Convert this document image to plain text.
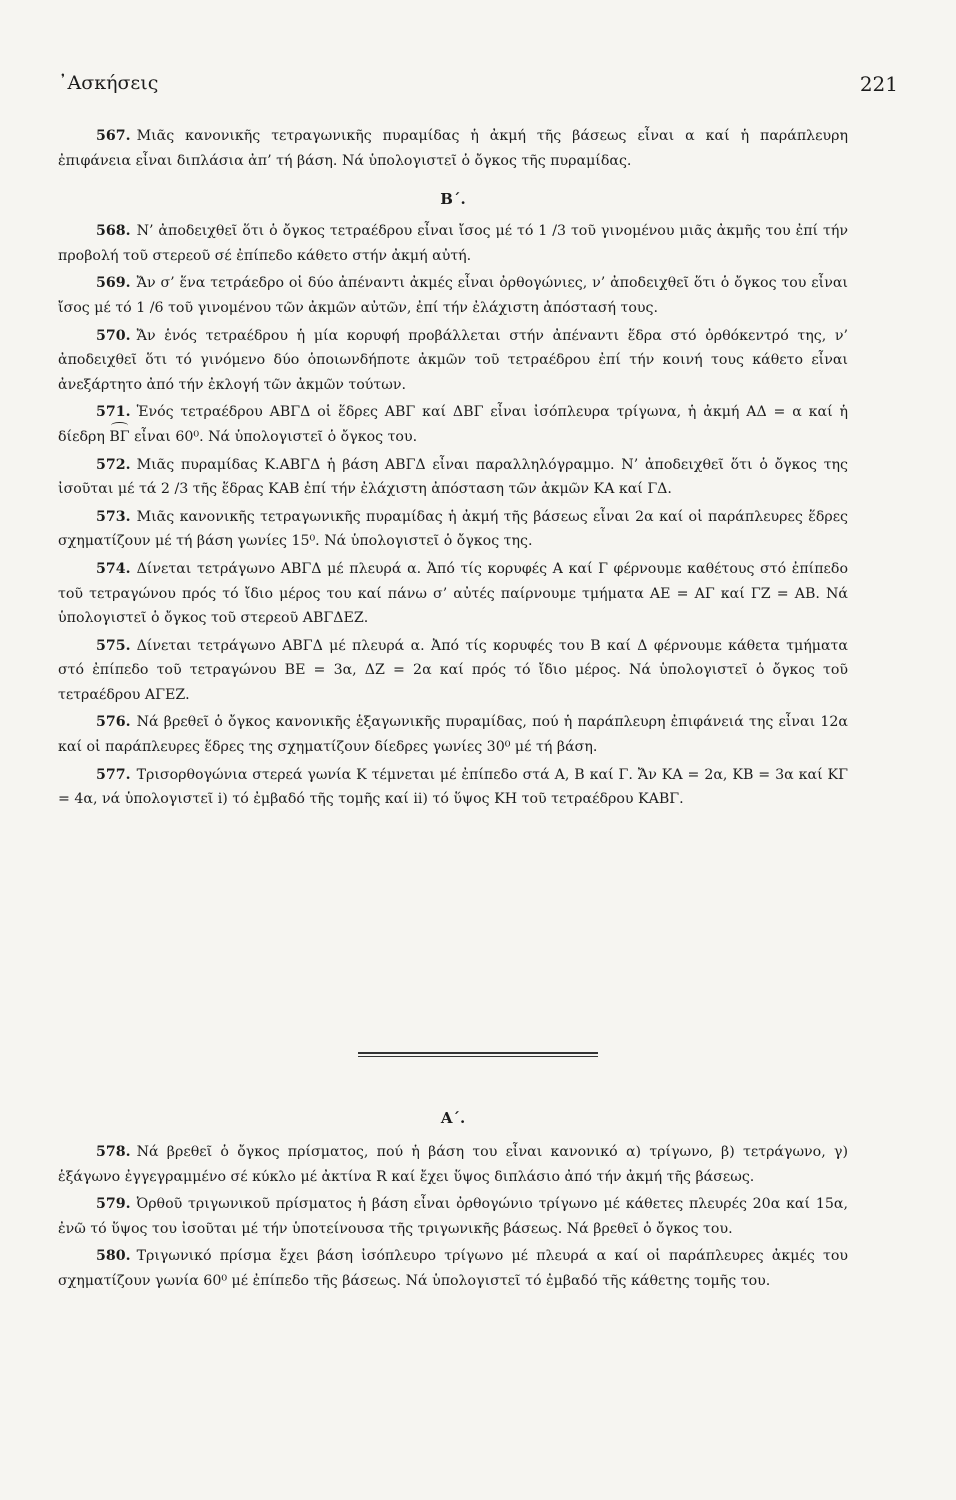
᾿Ασκήσεις	221

567. Μιᾶς κανονικῆς τετραγωνικῆς πυραμίδας ἡ ἀκμή τῆς βάσεως εἶναι α καί ἡ παράπλευρη ἐπιφάνεια εἶναι διπλάσια ἀπ’ τή βάση. Νά ὑπολογιστεῖ ὁ ὄγκος τῆς πυραμίδας.

Β΄.

568. Ν’ ἀποδειχθεῖ ὅτι ὁ ὄγκος τετραέδρου εἶναι ἴσος μέ τό 1 /3 τοῦ γινομένου μιᾶς ἀκμῆς του ἐπί τήν προβολή τοῦ στερεοῦ σέ ἐπίπεδο κάθετο στήν ἀκμή αὐτή.

569. Ἄν σ’ ἕνα τετράεδρο οἱ δύο ἀπέναντι ἀκμές εἶναι ὀρθογώνιες, ν’ ἀποδειχθεῖ ὅτι ὁ ὄγκος του εἶναι ἴσος μέ τό 1 /6 τοῦ γινομένου τῶν ἀκμῶν αὐτῶν, ἐπί τήν ἐλάχιστη ἀπόστασή τους.

570. Ἄν ἑνός τετραέδρου ἡ μία κορυφή προβάλλεται στήν ἀπέναντι ἕδρα στό ὀρθόκεντρό της, ν’ ἀποδειχθεῖ ὅτι τό γινόμενο δύο ὁποιωνδήποτε ἀκμῶν τοῦ τετραέδρου ἐπί τήν κοινή τους κάθετο εἶναι ἀνεξάρτητο ἀπό τήν ἐκλογή τῶν ἀκμῶν τούτων.

571. Ἑνός τετραέδρου ΑΒΓΔ οἱ ἕδρες ΑΒΓ καί ΔΒΓ εἶναι ἰσόπλευρα τρίγωνα, ἡ ἀκμή ΑΔ = α καί ἡ δίεδρη ΒΓ εἶναι 60⁰. Νά ὑπολογιστεῖ ὁ ὄγκος του.

572. Μιᾶς πυραμίδας Κ.ΑΒΓΔ ἡ βάση ΑΒΓΔ εἶναι παραλληλόγραμμο. Ν’ ἀποδειχθεῖ ὅτι ὁ ὄγκος της ἰσοῦται μέ τά 2 /3 τῆς ἕδρας ΚΑΒ ἐπί τήν ἐλάχιστη ἀπόσταση τῶν ἀκμῶν ΚΑ καί ΓΔ.

573. Μιᾶς κανονικῆς τετραγωνικῆς πυραμίδας ἡ ἀκμή τῆς βάσεως εἶναι 2α καί οἱ παράπλευρες ἕδρες σχηματίζουν μέ τή βάση γωνίες 15⁰. Νά ὑπολογιστεῖ ὁ ὄγκος της.

574. Δίνεται τετράγωνο ΑΒΓΔ μέ πλευρά α. Ἀπό τίς κορυφές Α καί Γ φέρνουμε καθέτους στό ἐπίπεδο τοῦ τετραγώνου πρός τό ἴδιο μέρος του καί πάνω σ’ αὐτές παίρνουμε τμήματα ΑΕ = ΑΓ καί ΓΖ = ΑΒ. Νά ὑπολογιστεῖ ὁ ὄγκος τοῦ στερεοῦ ΑΒΓΔΕΖ.

575. Δίνεται τετράγωνο ΑΒΓΔ μέ πλευρά α. Ἀπό τίς κορυφές του Β καί Δ φέρνουμε κάθετα τμήματα στό ἐπίπεδο τοῦ τετραγώνου ΒΕ = 3α, ΔΖ = 2α καί πρός τό ἴδιο μέρος. Νά ὑπολογιστεῖ ὁ ὄγκος τοῦ τετραέδρου ΑΓΕΖ.

576. Νά βρεθεῖ ὁ ὄγκος κανονικῆς ἑξαγωνικῆς πυραμίδας, πού ἡ παράπλευρη ἐπιφάνειά της εἶναι 12α καί οἱ παράπλευρες ἕδρες της σχηματίζουν δίεδρες γωνίες 30⁰ μέ τή βάση.

577. Τρισορθογώνια στερεά γωνία Κ τέμνεται μέ ἐπίπεδο στά Α, Β καί Γ. Ἄν ΚΑ = 2α, ΚΒ = 3α καί ΚΓ = 4α, νά ὑπολογιστεῖ i) τό ἐμβαδό τῆς τομῆς καί ii) τό ὕψος ΚΗ τοῦ τετραέδρου ΚΑΒΓ.

Α΄.

578. Νά βρεθεῖ ὁ ὄγκος πρίσματος, πού ἡ βάση του εἶναι κανονικό α) τρίγωνο, β) τετράγωνο, γ) ἑξάγωνο ἐγγεγραμμένο σέ κύκλο μέ ἀκτίνα R καί ἔχει ὕψος διπλάσιο ἀπό τήν ἀκμή τῆς βάσεως.

579. Ὀρθοῦ τριγωνικοῦ πρίσματος ἡ βάση εἶναι ὀρθογώνιο τρίγωνο μέ κάθετες πλευρές 20α καί 15α, ἐνῶ τό ὕψος του ἰσοῦται μέ τήν ὑποτείνουσα τῆς τριγωνικῆς βάσεως. Νά βρεθεῖ ὁ ὄγκος του.

580. Τριγωνικό πρίσμα ἔχει βάση ἰσόπλευρο τρίγωνο μέ πλευρά α καί οἱ παράπλευρες ἀκμές του σχηματίζουν γωνία 60⁰ μέ ἐπίπεδο τῆς βάσεως. Νά ὑπολογιστεῖ τό ἐμβαδό τῆς κάθετης τομῆς του.
